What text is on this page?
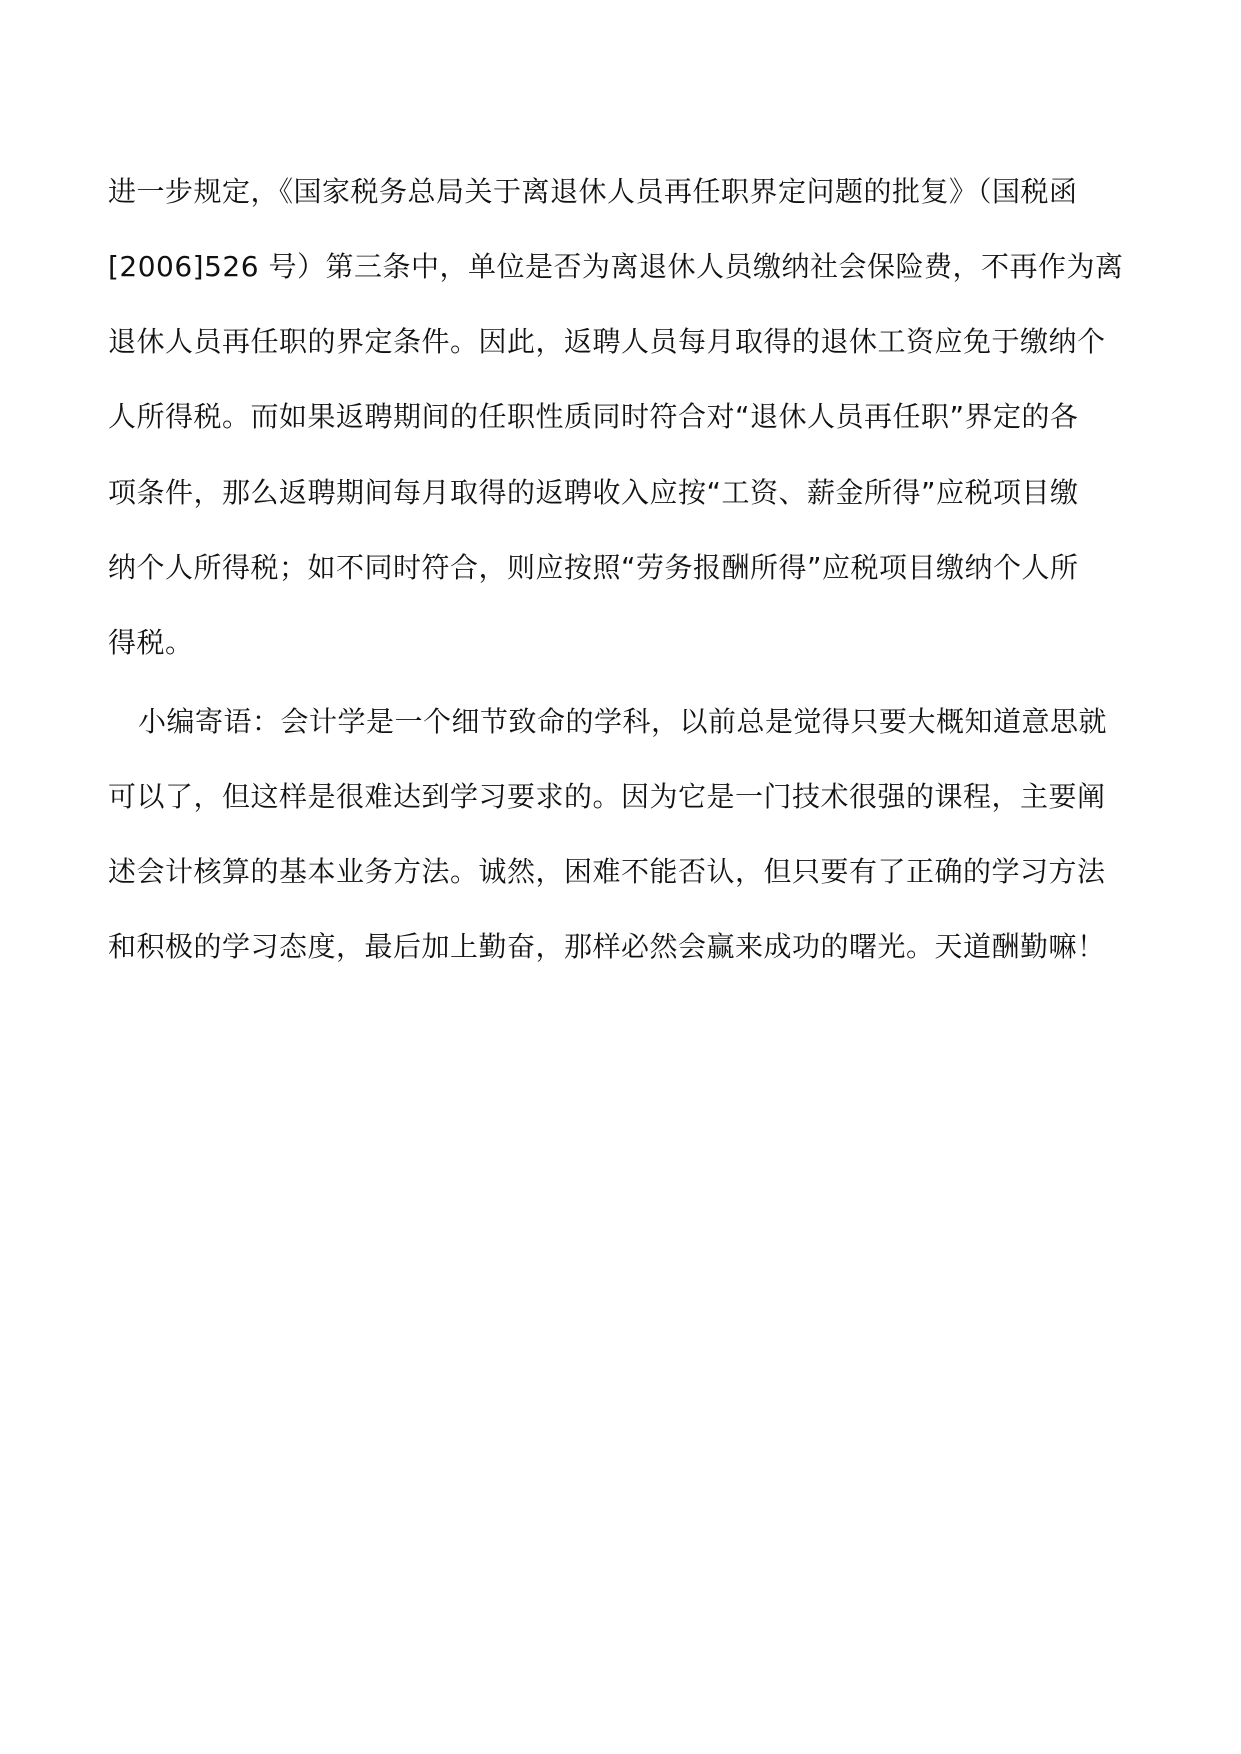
进一步规定，《国家税务总局关于离退休人员再任职界定问题的批复》（国税函
[2006]526 号）第三条中，单位是否为离退休人员缴纳社会保险费，不再作为离
退休人员再任职的界定条件。因此，返聘人员每月取得的退休工资应免于缴纳个
人所得税。而如果返聘期间的任职性质同时符合对“退休人员再任职”界定的各
项条件，那么返聘期间每月取得的返聘收入应按“工资、薪金所得”应税项目缴
纳个人所得税；如不同时符合，则应按照“劳务报酬所得”应税项目缴纳个人所
得税。
小编寄语：会计学是一个细节致命的学科，以前总是觉得只要大概知道意思就
可以了，但这样是很难达到学习要求的。因为它是一门技术很强的课程，主要阐
述会计核算的基本业务方法。诚然，困难不能否认，但只要有了正确的学习方法
和积极的学习态度，最后加上勤奋，那样必然会赢来成功的曙光。天道酬勤嘛！
